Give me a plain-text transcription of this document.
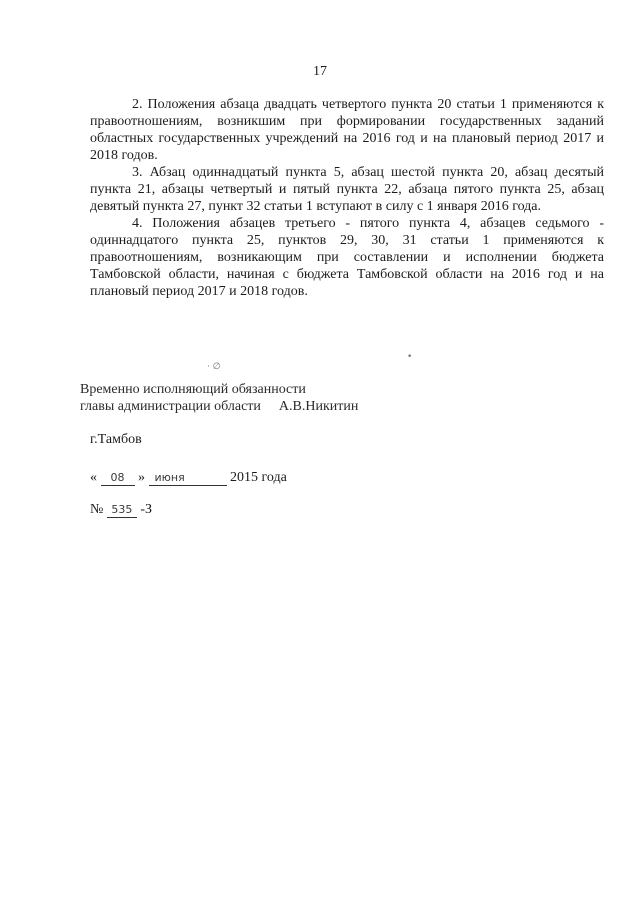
17

2. Положения абзаца двадцать четвертого пункта 20 статьи 1 применяются к правоотношениям, возникшим при формировании государственных заданий областных государственных учреждений на 2016 год и на плановый период 2017 и 2018 годов.

3. Абзац одиннадцатый пункта 5, абзац шестой пункта 20, абзац десятый пункта 21, абзацы четвертый и пятый пункта 22, абзаца пятого пункта 25, абзац девятый пункта 27, пункт 32 статьи 1 вступают в силу с 1 января 2016 года.

4. Положения абзацев третьего - пятого пункта 4, абзацев седьмого - одиннадцатого пункта 25, пунктов 29, 30, 31 статьи 1 применяются к правоотношениям, возникающим при составлении и исполнении бюджета Тамбовской области, начиная с бюджета Тамбовской области на 2016 год и на плановый период 2017 и 2018 годов.

· ∅
•
Временно исполняющий обязанности
главы администрации области А.В.Никитин
г.Тамбов
« 08 » июня	2015 года
№ 535 -З
